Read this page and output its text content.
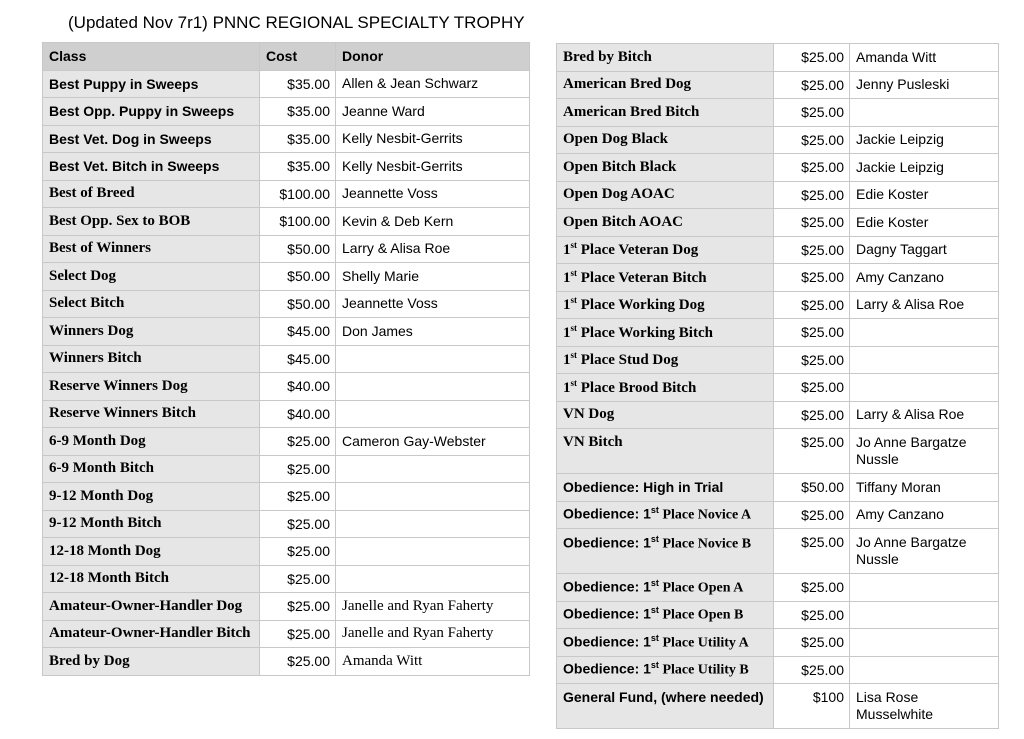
(Updated Nov 7r1) PNNC REGIONAL SPECIALTY TROPHY
Class	Cost	Donor
Best Puppy in Sweeps	$35.00	Allen & Jean Schwarz
Best Opp. Puppy in Sweeps	$35.00	Jeanne Ward
Best Vet. Dog in Sweeps	$35.00	Kelly Nesbit-Gerrits
Best Vet. Bitch in Sweeps	$35.00	Kelly Nesbit-Gerrits
Best of Breed	$100.00	Jeannette Voss
Best Opp. Sex to BOB	$100.00	Kevin & Deb Kern
Best of Winners	$50.00	Larry & Alisa Roe
Select Dog	$50.00	Shelly Marie
Select Bitch	$50.00	Jeannette Voss
Winners Dog	$45.00	Don James
Winners Bitch	$45.00	
Reserve Winners Dog	$40.00	
Reserve Winners Bitch	$40.00	
6-9 Month Dog	$25.00	Cameron Gay-Webster
6-9 Month Bitch	$25.00	
9-12 Month Dog	$25.00	
9-12 Month Bitch	$25.00	
12-18 Month Dog	$25.00	
12-18 Month Bitch	$25.00	
Amateur-Owner-Handler Dog	$25.00	Janelle and Ryan Faherty
Amateur-Owner-Handler Bitch	$25.00	Janelle and Ryan Faherty
Bred by Dog	$25.00	Amanda Witt
Bred by Bitch	$25.00	Amanda Witt
American Bred Dog	$25.00	Jenny Pusleski
American Bred Bitch	$25.00	
Open Dog Black	$25.00	Jackie Leipzig
Open Bitch Black	$25.00	Jackie Leipzig
Open Dog AOAC	$25.00	Edie Koster
Open Bitch AOAC	$25.00	Edie Koster
1st Place Veteran Dog	$25.00	Dagny Taggart
1st Place Veteran Bitch	$25.00	Amy Canzano
1st Place Working Dog	$25.00	Larry & Alisa Roe
1st Place Working Bitch	$25.00	
1st Place Stud Dog	$25.00	
1st Place Brood Bitch	$25.00	
VN Dog	$25.00	Larry & Alisa Roe
VN Bitch	$25.00	Jo Anne Bargatze Nussle
Obedience: High in Trial	$50.00	Tiffany Moran
Obedience: 1st Place Novice A	$25.00	Amy Canzano
Obedience: 1st Place Novice B	$25.00	Jo Anne Bargatze Nussle
Obedience: 1st Place Open A	$25.00	
Obedience: 1st Place Open B	$25.00	
Obedience: 1st Place Utility A	$25.00	
Obedience: 1st Place Utility B	$25.00	
General Fund, (where needed)	$100	Lisa Rose Musselwhite
